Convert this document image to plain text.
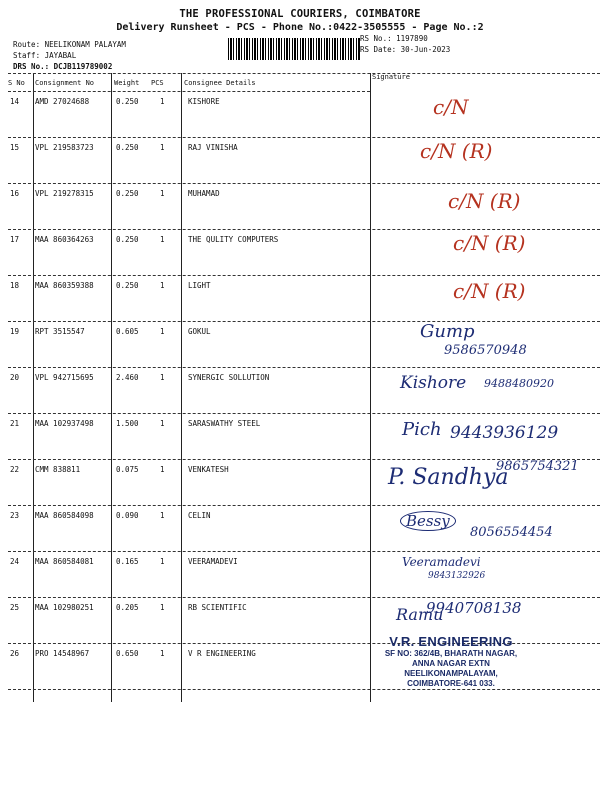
THE PROFESSIONAL COURIERS, COIMBATORE
Delivery Runsheet - PCS - Phone No.:0422-3505555 - Page No.:2
Route: NEELIKONAM PALAYAM
Staff: JAYABAL
DRS No.: DCJB119789002
RS No.: 1197890
RS Date: 30-Jun-2023
S No Consignment No	Weight PCS	Consignee Details
Signature
14 AMD 27024688	0.250	1	KISHORE	c/N
15 VPL 219583723	0.250	1	RAJ VINISHA	c/N (R)
16 VPL 219278315	0.250	1	MUHAMAD	c/N (R)
17 MAA 860364263	0.250	1	THE QULITY COMPUTERS	c/N (R)
18 MAA 860359388	0.250	1	LIGHT	c/N (R)
19 RPT 3515547	0.605	1	GOKUL	Gump
9586570948
20 VPL 942715695	2.460	1	SYNERGIC SOLLUTION	Kishore 9488480920
21 MAA 102937498	1.500	1	SARASWATHY STEEL	Pich 9443936129
22 CMM 838811	0.075	1	VENKATESH	P. Sandhya
9865754321
23 MAA 860584098	0.090	1	CELIN	Bessy
8056554454
24 MAA 860584081	0.165	1	VEERAMADEVI	Veeramadevi
9843132926
25 MAA 102980251	0.205	1	RB SCIENTIFIC	Ramu
9940708138
26 PRO 14548967	0.650	1	V R ENGINEERING
V.R. ENGINEERING
SF NO: 362/4B, BHARATH NAGAR,
ANNA NAGAR EXTN
NEELIKONAMPALAYAM,
COIMBATORE-641 033.
